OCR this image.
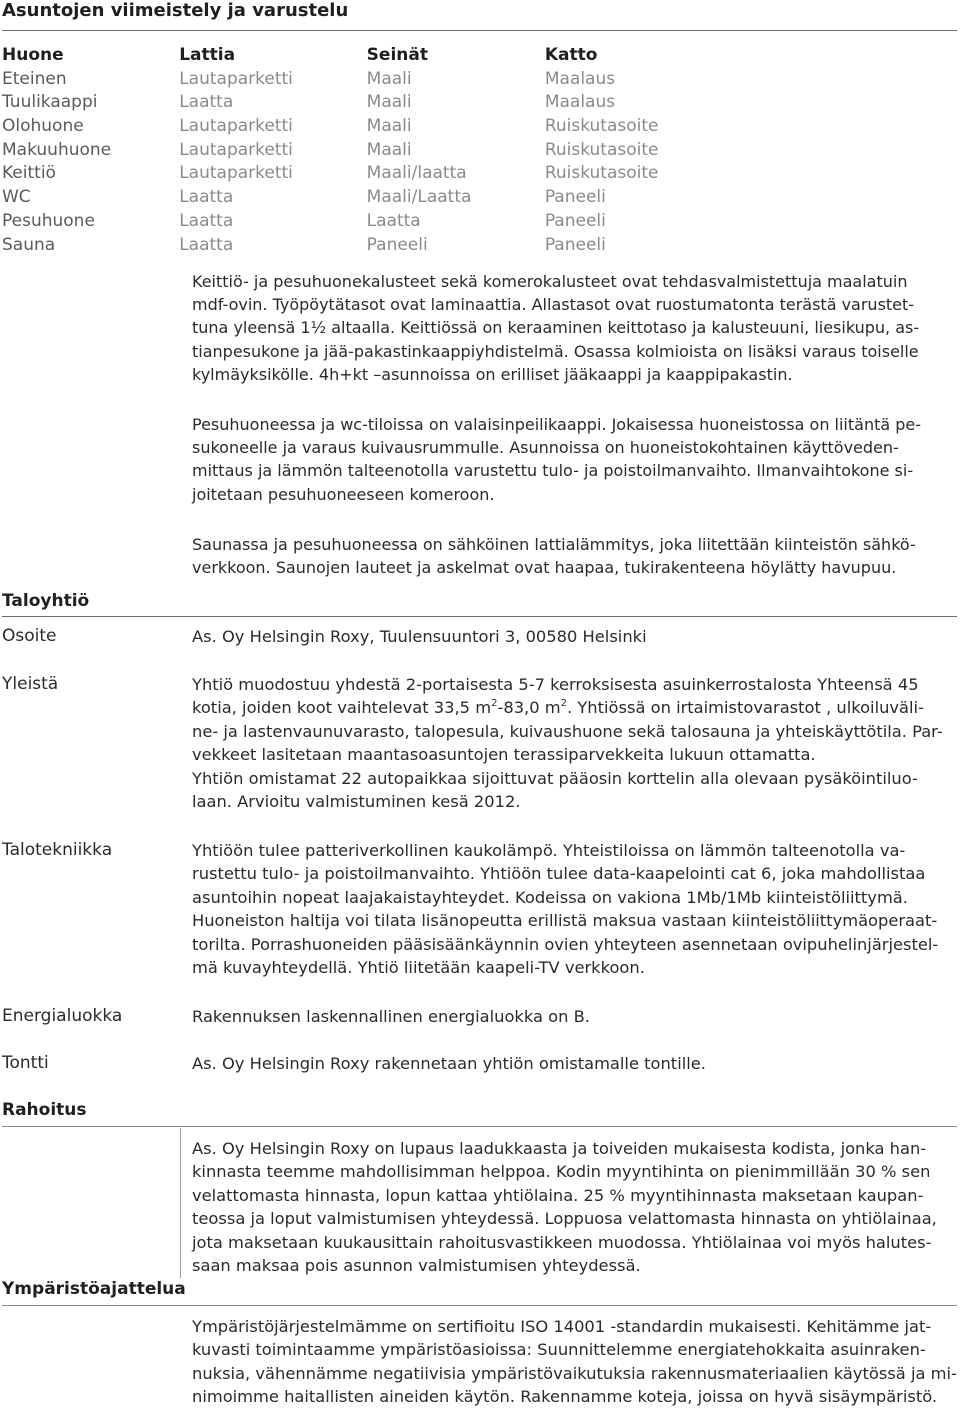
Asuntojen viimeistely ja varustelu
Huone	Lattia	Seinät	Katto
Eteinen	Lautaparketti	Maali	Maalaus
Tuulikaappi	Laatta	Maali	Maalaus
Olohuone	Lautaparketti	Maali	Ruiskutasoite
Makuuhuone	Lautaparketti	Maali	Ruiskutasoite
Keittiö	Lautaparketti	Maali/laatta	Ruiskutasoite
WC	Laatta	Maali/Laatta	Paneeli
Pesuhuone	Laatta	Laatta	Paneeli
Sauna	Laatta	Paneeli	Paneeli
Keittiö- ja pesuhuonekalusteet sekä komerokalusteet ovat tehdasvalmistettuja maalatuin
mdf-ovin. Työpöytätasot ovat laminaattia. Allastasot ovat ruostumatonta terästä varustet-
tuna yleensä 1½ altaalla. Keittiössä on keraaminen keittotaso ja kalusteuuni, liesikupu, as-
tianpesukone ja jää-pakastinkaappiyhdistelmä. Osassa kolmioista on lisäksi varaus toiselle
kylmäyksikölle. 4h+kt –asunnoissa on erilliset jääkaappi ja kaappipakastin.
Pesuhuoneessa ja wc-tiloissa on valaisinpeilikaappi. Jokaisessa huoneistossa on liitäntä pe-
sukoneelle ja varaus kuivausrummulle. Asunnoissa on huoneistokohtainen käyttöveden-
mittaus ja lämmön talteenotolla varustettu tulo- ja poistoilmanvaihto. Ilmanvaihtokone si-
joitetaan pesuhuoneeseen komeroon.
Saunassa ja pesuhuoneessa on sähköinen lattialämmitys, joka liitettään kiinteistön sähkö-
verkkoon. Saunojen lauteet ja askelmat ovat haapaa, tukirakenteena höylätty havupuu.
Taloyhtiö
Osoite	As. Oy Helsingin Roxy, Tuulensuuntori 3, 00580 Helsinki
Yleistä	Yhtiö muodostuu yhdestä 2-portaisesta 5-7 kerroksisesta asuinkerrostalosta Yhteensä 45
kotia, joiden koot vaihtelevat 33,5 $m^2-83,0$ $m^2$. Yhtiössä on irtaimistovarastot , ulkoiluväli-
ne- ja lastenvaunuvarasto, talopesula, kuivaushuone sekä talosauna ja yhteiskäyttötila. Par-
vekkeet lasitetaan maantasoasuntojen terassiparvekkeita lukuun ottamatta.
Yhtiön omistamat 22 autopaikkaa sijoittuvat pääosin korttelin alla olevaan pysäköintiluo-
laan. Arvioitu valmistuminen kesä 2012.
Talotekniikka	Yhtiöön tulee patteriverkollinen kaukolämpö. Yhteistiloissa on lämmön talteenotolla va-
rustettu tulo- ja poistoilmanvaihto. Yhtiöön tulee data-kaapelointi cat 6, joka mahdollistaa
asuntoihin nopeat laajakaistayhteydet. Kodeissa on vakiona 1Mb/1Mb kiinteistöliittymä.
Huoneiston haltija voi tilata lisänopeutta erillistä maksua vastaan kiinteistöliittymäoperaat-
torilta. Porrashuoneiden pääsisäänkäynnin ovien yhteyteen asennetaan ovipuhelinjärjestel-
mä kuvayhteydellä. Yhtiö liitetään kaapeli-TV verkkoon.
Energialuokka	Rakennuksen laskennallinen energialuokka on B.
Tontti	As. Oy Helsingin Roxy rakennetaan yhtiön omistamalle tontille.
Rahoitus
As. Oy Helsingin Roxy on lupaus laadukkaasta ja toiveiden mukaisesta kodista, jonka han-
kinnasta teemme mahdollisimman helppoa. Kodin myyntihinta on pienimmillään 30 % sen
velattomasta hinnasta, lopun kattaa yhtiölaina. 25 % myyntihinnasta maksetaan kaupan-
teossa ja loput valmistumisen yhteydessä. Loppuosa velattomasta hinnasta on yhtiölainaa,
jota maksetaan kuukausittain rahoitusvastikkeen muodossa. Yhtiölainaa voi myös halutes-
saan maksaa pois asunnon valmistumisen yhteydessä.
Ympäristöajattelua
Ympäristöjärjestelmämme on sertifioitu ISO 14001 -standardin mukaisesti. Kehitämme jat-
kuvasti toimintaamme ympäristöasioissa: Suunnittelemme energiatehokkaita asuinraken-
nuksia, vähennämme negatiivisia ympäristövaikutuksia rakennusmateriaalien käytössä ja mi-
nimoimme haitallisten aineiden käytön. Rakennamme koteja, joissa on hyvä sisäympäristö.
